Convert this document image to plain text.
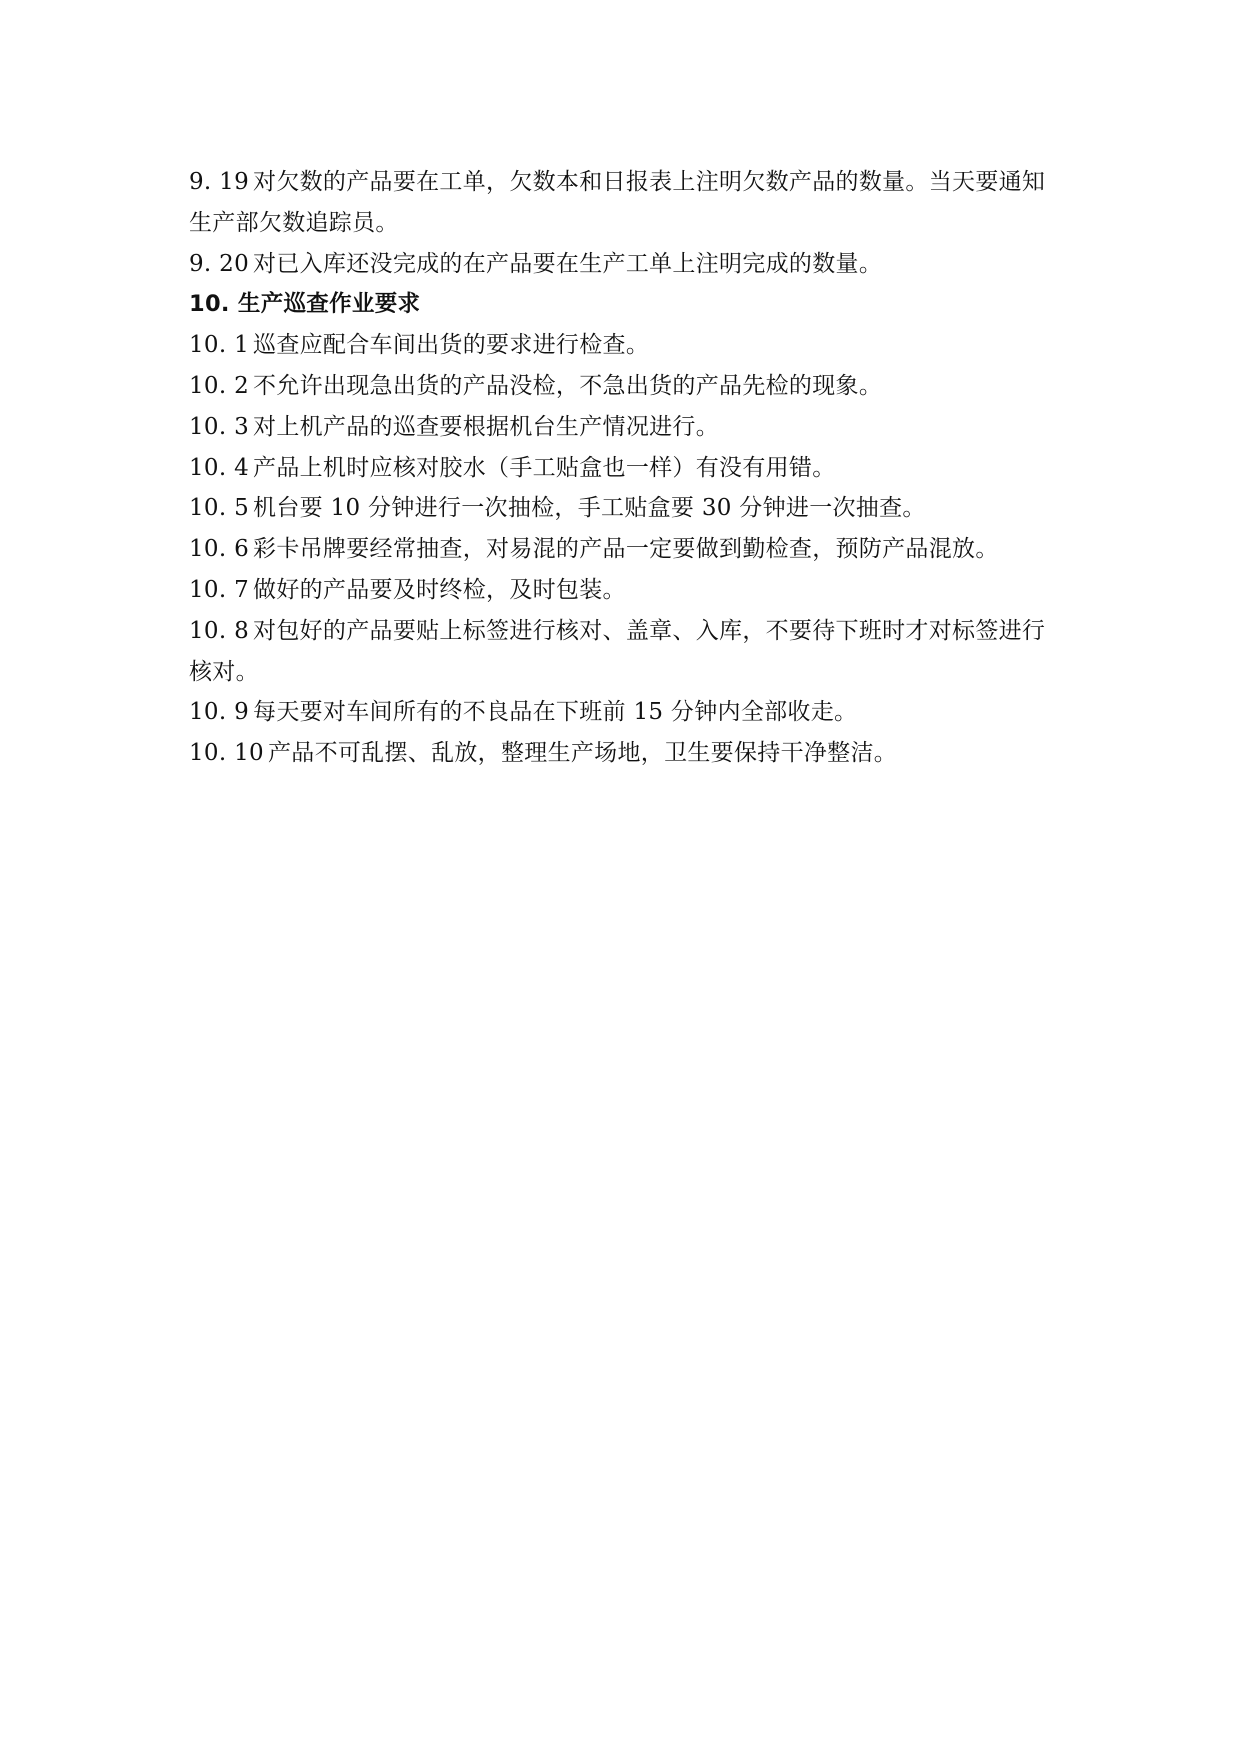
9. 19 对欠数的产品要在工单，欠数本和日报表上注明欠数产品的数量。当天要通知生产部欠数追踪员。

9. 20 对已入库还没完成的在产品要在生产工单上注明完成的数量。

10. 生产巡查作业要求

10. 1 巡查应配合车间出货的要求进行检查。

10. 2 不允许出现急出货的产品没检，不急出货的产品先检的现象。

10. 3 对上机产品的巡查要根据机台生产情况进行。

10. 4 产品上机时应核对胶水（手工贴盒也一样）有没有用错。

10. 5 机台要 10 分钟进行一次抽检，手工贴盒要 30 分钟进一次抽查。

10. 6 彩卡吊牌要经常抽查，对易混的产品一定要做到勤检查，预防产品混放。

10. 7 做好的产品要及时终检，及时包装。

10. 8 对包好的产品要贴上标签进行核对、盖章、入库，不要待下班时才对标签进行核对。

10. 9 每天要对车间所有的不良品在下班前 15 分钟内全部收走。

10. 10 产品不可乱摆、乱放，整理生产场地，卫生要保持干净整洁。
